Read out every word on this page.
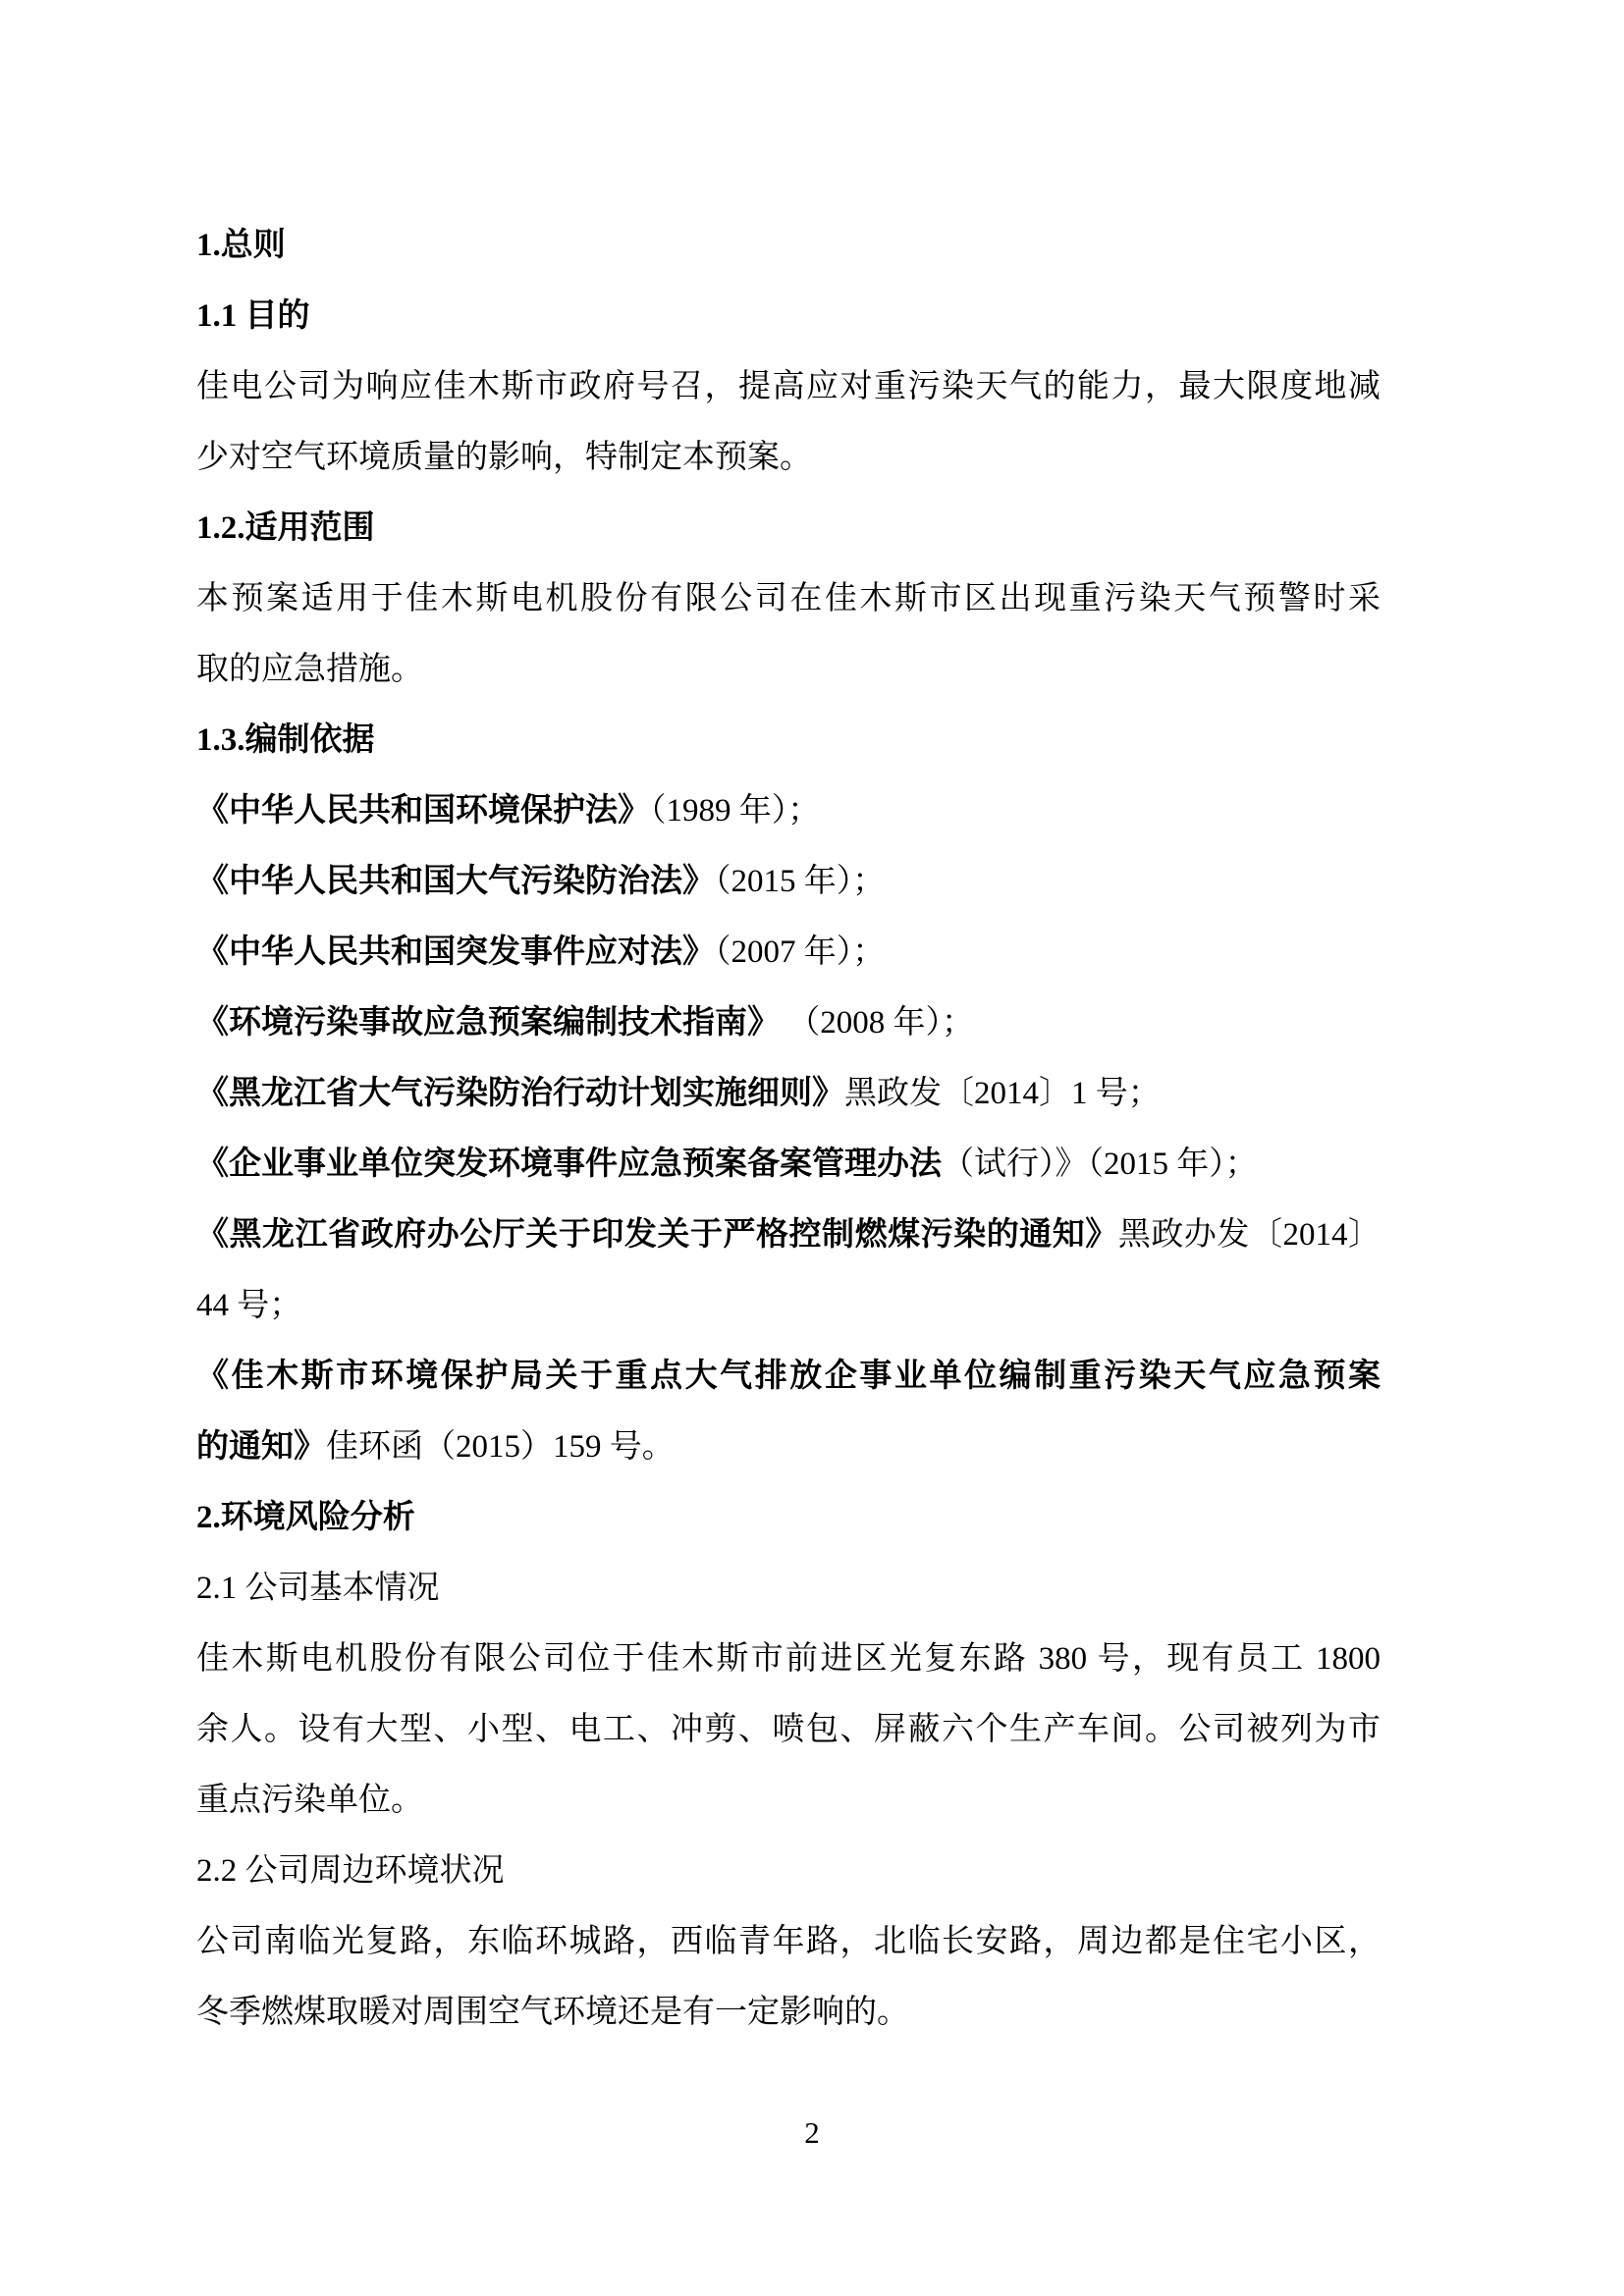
1.总则
1.1 目的
佳电公司为响应佳木斯市政府号召，提高应对重污染天气的能力，最大限度地减
少对空气环境质量的影响，特制定本预案。
1.2.适用范围
本预案适用于佳木斯电机股份有限公司在佳木斯市区出现重污染天气预警时采
取的应急措施。
1.3.编制依据
《中华人民共和国环境保护法》（1989 年）；
《中华人民共和国大气污染防治法》（2015 年）；
《中华人民共和国突发事件应对法》（2007 年）；
《环境污染事故应急预案编制技术指南》 （2008 年）；
《黑龙江省大气污染防治行动计划实施细则》黑政发〔2014〕1 号；
《企业事业单位突发环境事件应急预案备案管理办法（试行）》（2015 年）；
《黑龙江省政府办公厅关于印发关于严格控制燃煤污染的通知》黑政办发〔2014〕
44 号；
《佳木斯市环境保护局关于重点大气排放企事业单位编制重污染天气应急预案
的通知》佳环函（2015）159 号。
2.环境风险分析
2.1 公司基本情况
佳木斯电机股份有限公司位于佳木斯市前进区光复东路 380 号，现有员工 1800
余人。设有大型、小型、电工、冲剪、喷包、屏蔽六个生产车间。公司被列为市
重点污染单位。
2.2 公司周边环境状况
公司南临光复路，东临环城路，西临青年路，北临长安路，周边都是住宅小区，
冬季燃煤取暖对周围空气环境还是有一定影响的。
2
